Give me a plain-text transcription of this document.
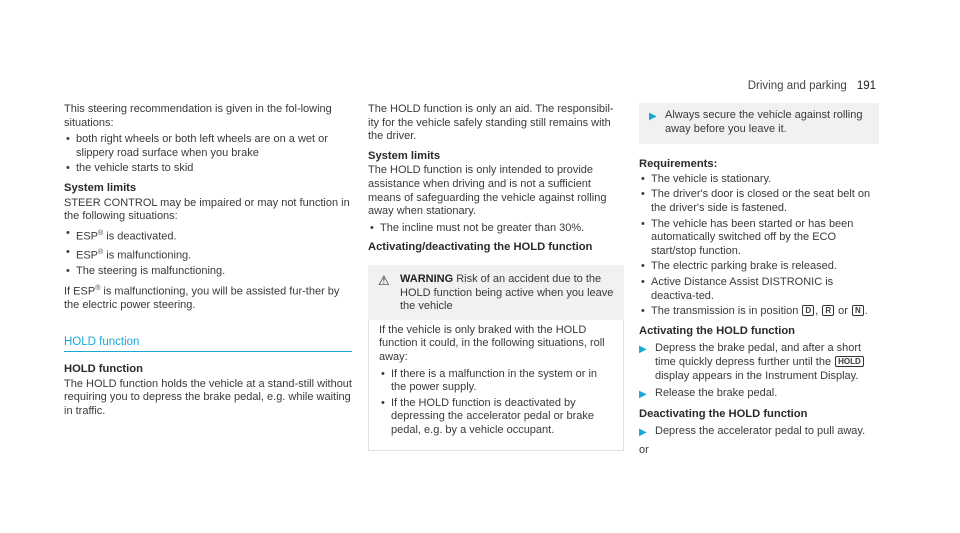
Driving and parking 191

This steering recommendation is given in the fol-lowing situations:

• both right wheels or both left wheels are on a wet or slippery road surface when you brake
• the vehicle starts to skid
System limits

STEER CONTROL may be impaired or may not function in the following situations:

• ESP® is deactivated.
• ESP® is malfunctioning.
• The steering is malfunctioning.

If ESP® is malfunctioning, you will be assisted fur-ther by the electric power steering.

HOLD function
HOLD function

The HOLD function holds the vehicle at a stand-still without requiring you to depress the brake pedal, e.g. while waiting in traffic.

The HOLD function is only an aid. The responsibil-ity for the vehicle safely standing still remains with the driver.

System limits

The HOLD function is only intended to provide assistance when driving and is not a sufficient means of safeguarding the vehicle against rolling away when stationary.

• The incline must not be greater than 30%.
Activating/deactivating the HOLD function
⚠ WARNING Risk of an accident due to the HOLD function being active when you leave the vehicle

If the vehicle is only braked with the HOLD function it could, in the following situations, roll away:

• If there is a malfunction in the system or in the power supply.
• If the HOLD function is deactivated by depressing the accelerator pedal or brake pedal, e.g. by a vehicle occupant.
▶ Always secure the vehicle against rolling away before you leave it.
Requirements:
• The vehicle is stationary.
• The driver's door is closed or the seat belt on the driver's side is fastened.
• The vehicle has been started or has been automatically switched off by the ECO start/stop function.
• The electric parking brake is released.
• Active Distance Assist DISTRONIC is deactiva-ted.
• The transmission is in position D , R or N .
Activating the HOLD function
▶ Depress the brake pedal, and after a short time quickly depress further until the HOLD display appears in the Instrument Display.
▶ Release the brake pedal.
Deactivating the HOLD function
▶ Depress the accelerator pedal to pull away.

or
